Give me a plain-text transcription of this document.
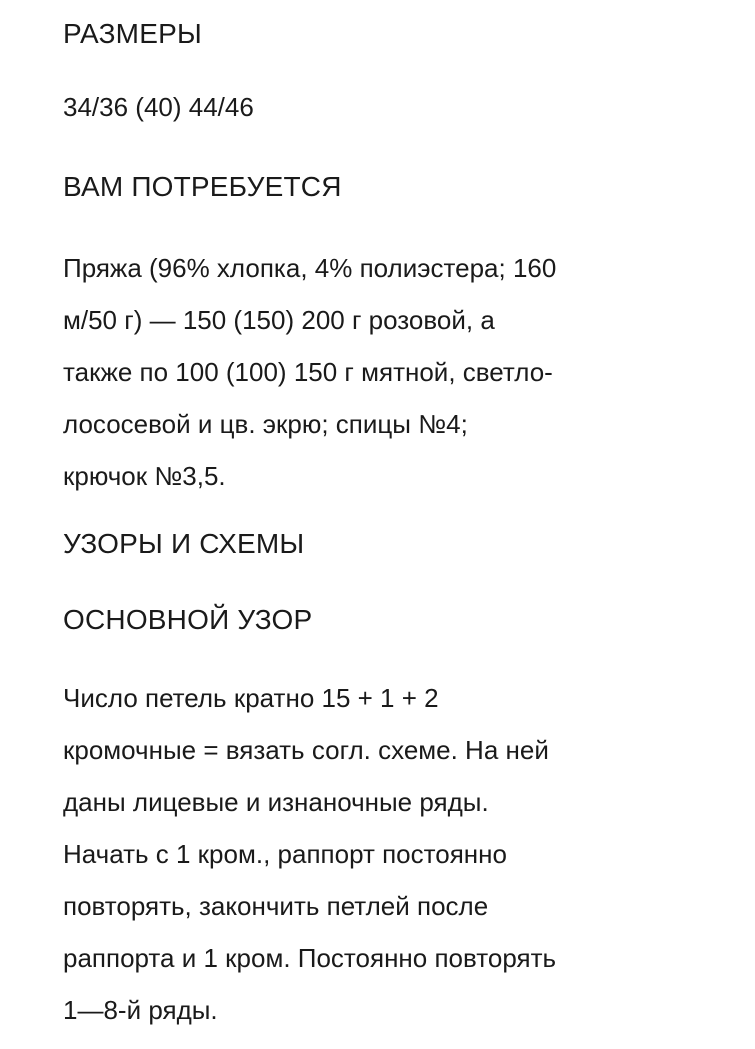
РАЗМЕРЫ
34/36 (40) 44/46
ВАМ ПОТРЕБУЕТСЯ
Пряжа (96% хлопка, 4% полиэстера; 160
м/50 г) — 150 (150) 200 г розовой, а
также по 100 (100) 150 г мятной, светло-
лососевой и цв. экрю; спицы №4;
крючок №3,5.
УЗОРЫ И СХЕМЫ
ОСНОВНОЙ УЗОР
Число петель кратно 15 + 1 + 2
кромочные = вязать согл. схеме. На ней
даны лицевые и изнаночные ряды.
Начать с 1 кром., раппорт постоянно
повторять, закончить петлей после
раппорта и 1 кром. Постоянно повторять
1—8-й ряды.
